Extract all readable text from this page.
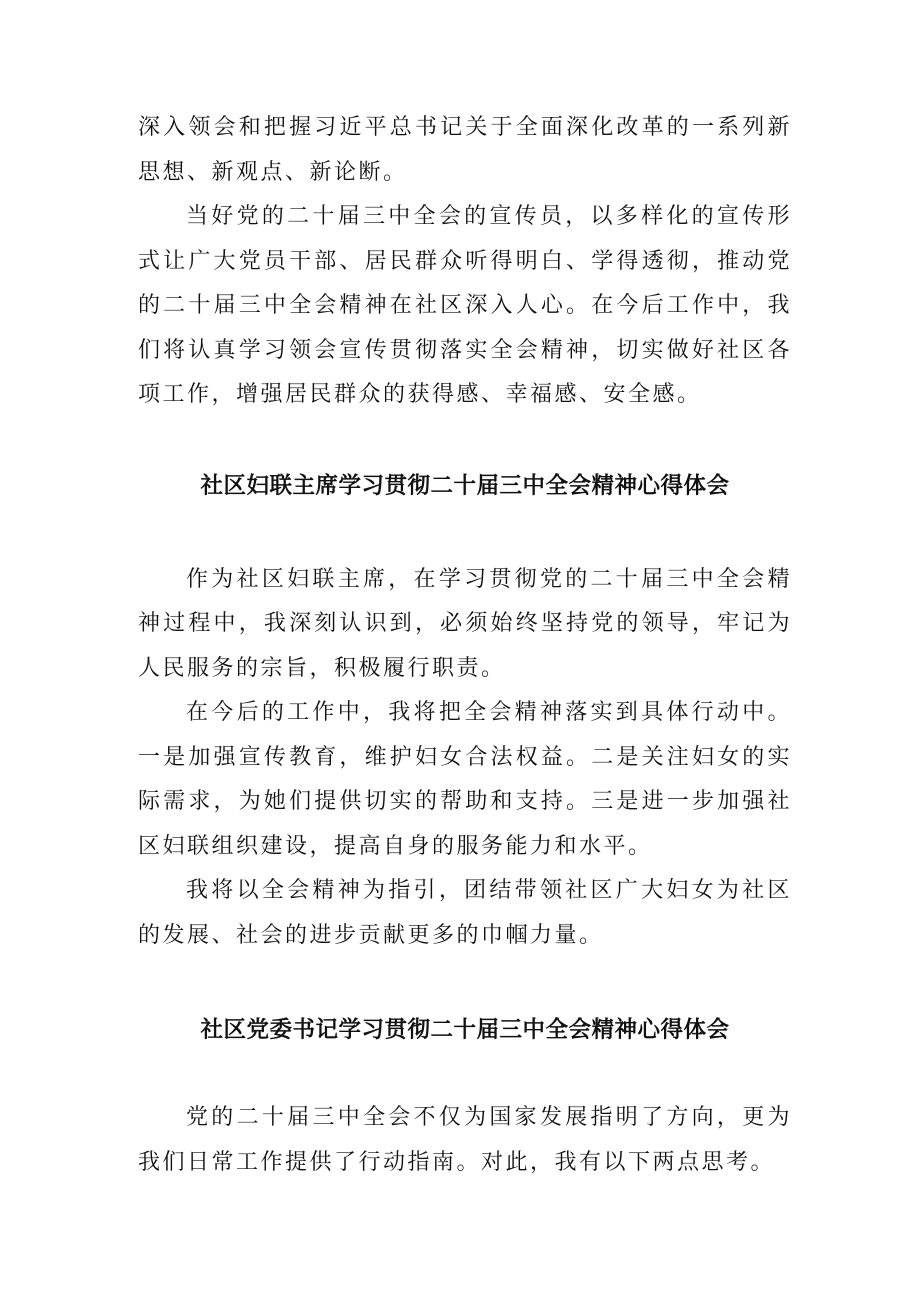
深入领会和把握习近平总书记关于全面深化改革的一系列新思想、新观点、新论断。

当好党的二十届三中全会的宣传员，以多样化的宣传形式让广大党员干部、居民群众听得明白、学得透彻，推动党的二十届三中全会精神在社区深入人心。在今后工作中，我们将认真学习领会宣传贯彻落实全会精神，切实做好社区各项工作，增强居民群众的获得感、幸福感、安全感。

社区妇联主席学习贯彻二十届三中全会精神心得体会

作为社区妇联主席，在学习贯彻党的二十届三中全会精神过程中，我深刻认识到，必须始终坚持党的领导，牢记为人民服务的宗旨，积极履行职责。

在今后的工作中，我将把全会精神落实到具体行动中。一是加强宣传教育，维护妇女合法权益。二是关注妇女的实际需求，为她们提供切实的帮助和支持。三是进一步加强社区妇联组织建设，提高自身的服务能力和水平。

我将以全会精神为指引，团结带领社区广大妇女为社区的发展、社会的进步贡献更多的巾帼力量。

社区党委书记学习贯彻二十届三中全会精神心得体会

党的二十届三中全会不仅为国家发展指明了方向，更为我们日常工作提供了行动指南。对此，我有以下两点思考。
